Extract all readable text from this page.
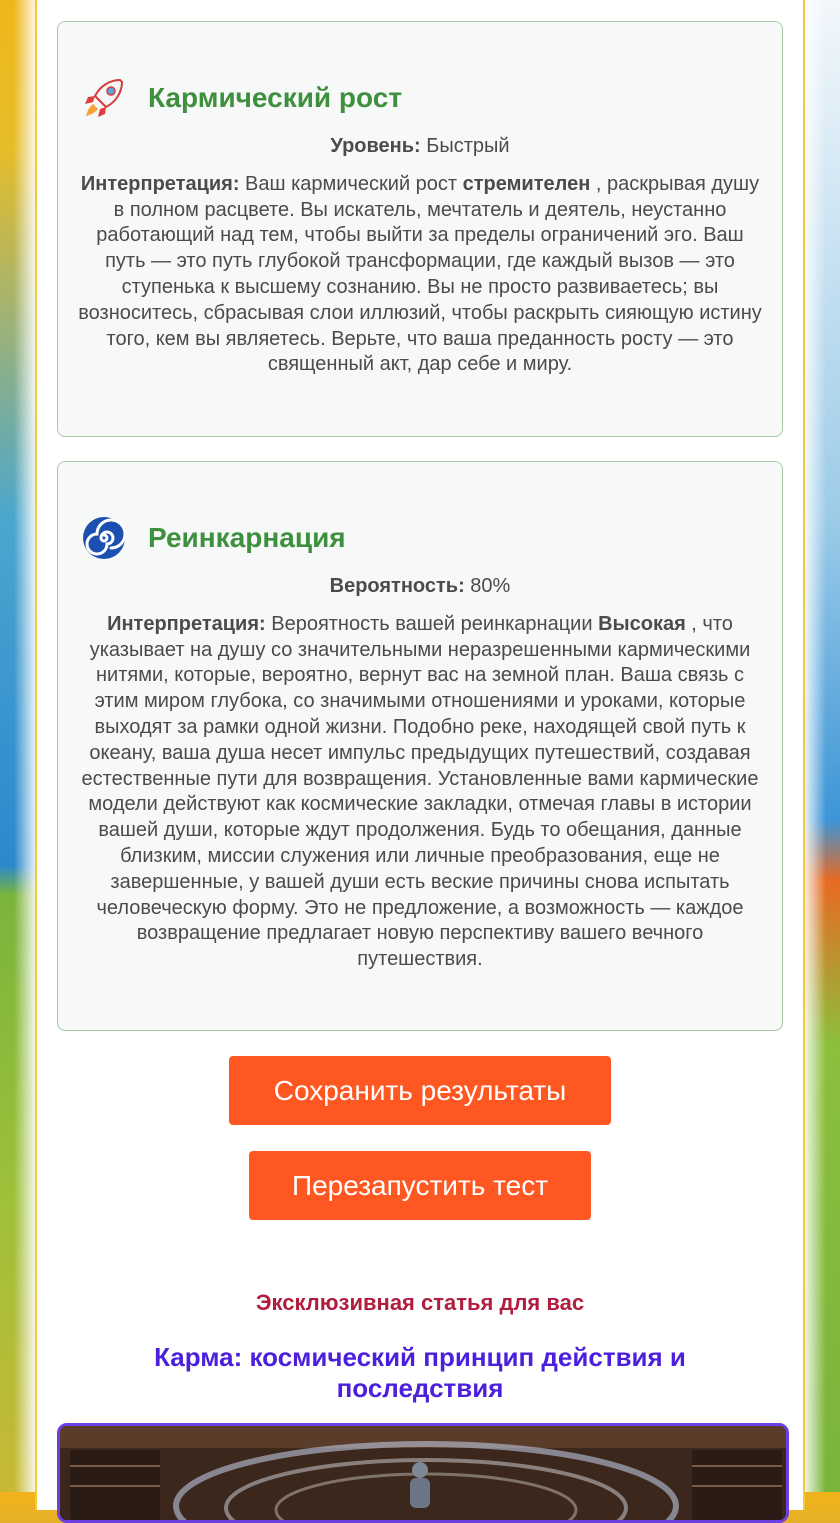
Кармический рост
Уровень: Быстрый
Интерпретация: Ваш кармический рост стремителен , раскрывая душу в полном расцвете. Вы искатель, мечтатель и деятель, неустанно работающий над тем, чтобы выйти за пределы ограничений эго. Ваш путь — это путь глубокой трансформации, где каждый вызов — это ступенька к высшему сознанию. Вы не просто развиваетесь; вы возноситесь, сбрасывая слои иллюзий, чтобы раскрыть сияющую истину того, кем вы являетесь. Верьте, что ваша преданность росту — это священный акт, дар себе и миру.
Реинкарнация
Вероятность: 80%
Интерпретация: Вероятность вашей реинкарнации Высокая , что указывает на душу со значительными неразрешенными кармическими нитями, которые, вероятно, вернут вас на земной план. Ваша связь с этим миром глубока, со значимыми отношениями и уроками, которые выходят за рамки одной жизни. Подобно реке, находящей свой путь к океану, ваша душа несет импульс предыдущих путешествий, создавая естественные пути для возвращения. Установленные вами кармические модели действуют как космические закладки, отмечая главы в истории вашей души, которые ждут продолжения. Будь то обещания, данные близким, миссии служения или личные преобразования, еще не завершенные, у вашей души есть веские причины снова испытать человеческую форму. Это не предложение, а возможность — каждое возвращение предлагает новую перспективу вашего вечного путешествия.
Сохранить результаты
Перезапустить тест
Эксклюзивная статья для вас
Карма: космический принцип действия и последствия
